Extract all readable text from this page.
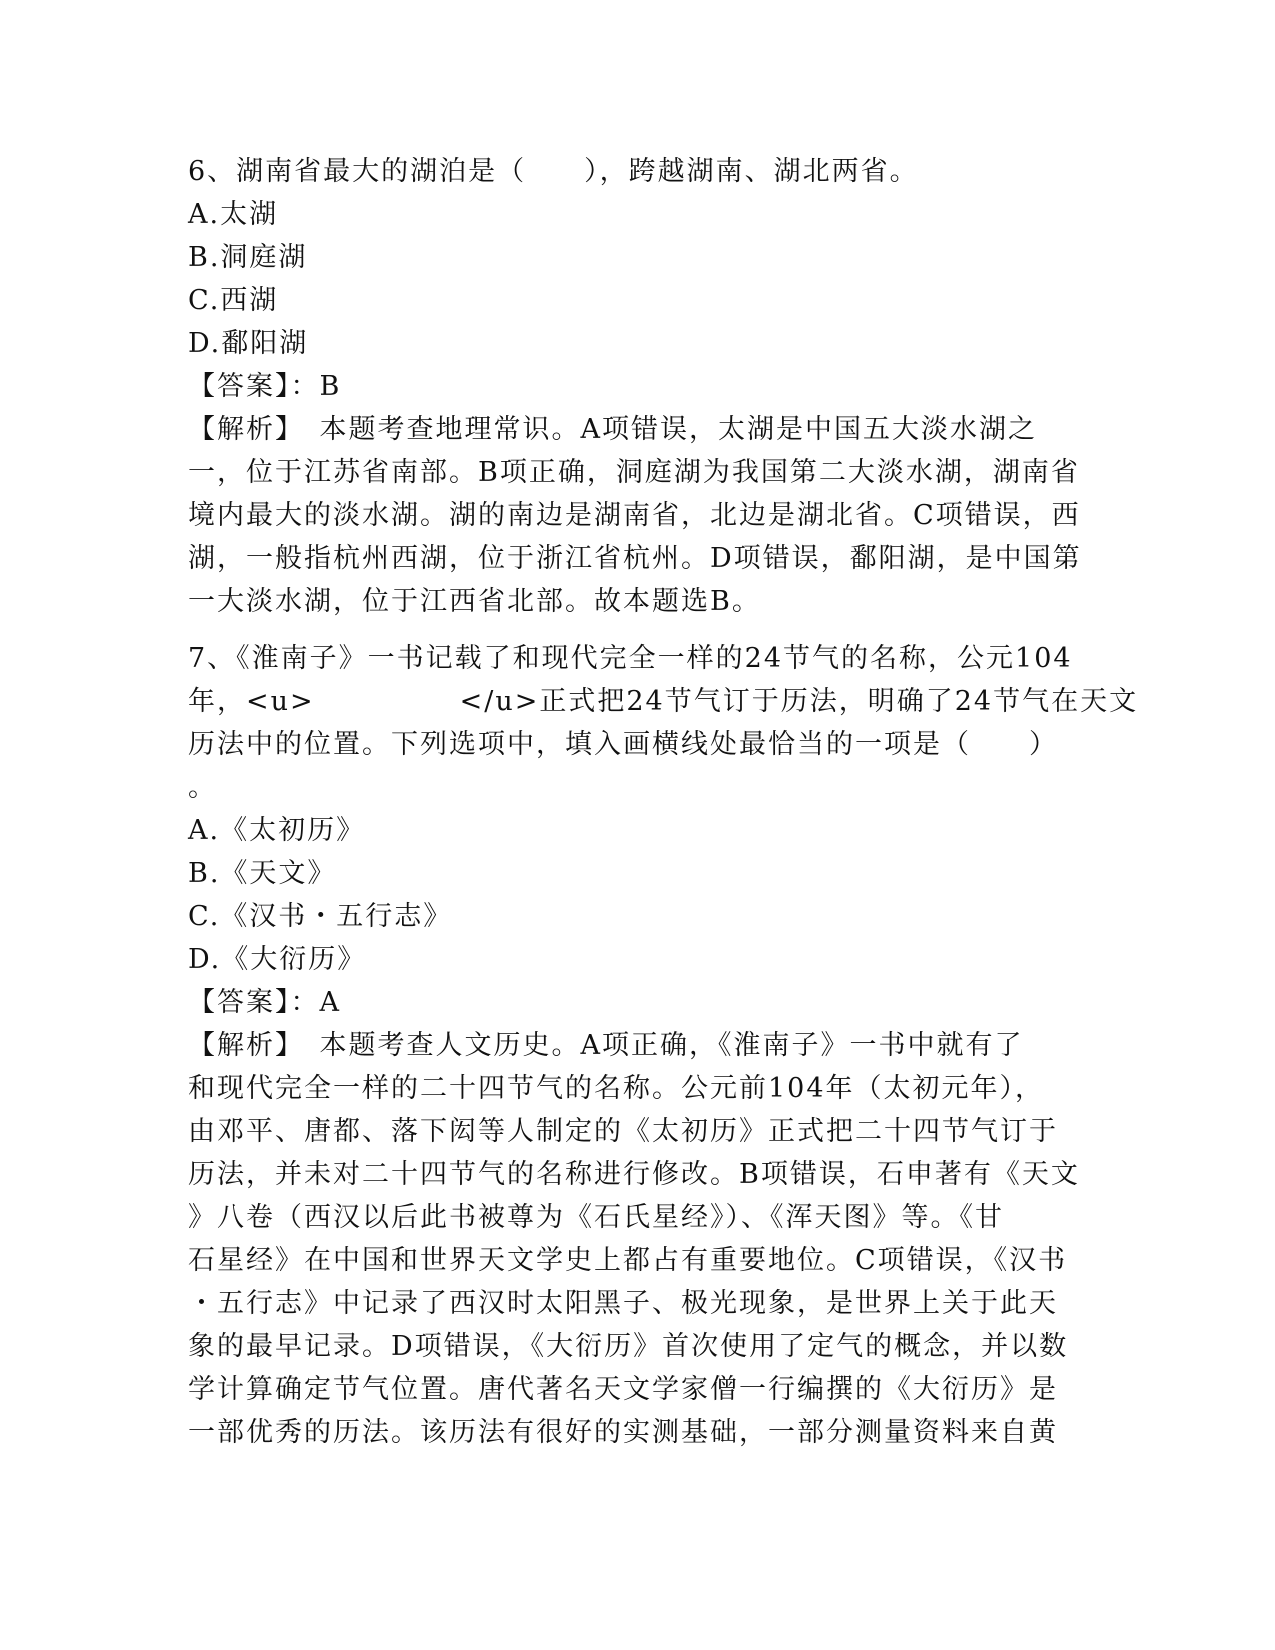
6、湖南省最大的湖泊是（　　），跨越湖南、湖北两省。
A.太湖
B.洞庭湖
C.西湖
D.鄱阳湖
【答案】：B
【解析】　本题考查地理常识。A项错误，太湖是中国五大淡水湖之
一，位于江苏省南部。B项正确，洞庭湖为我国第二大淡水湖，湖南省
境内最大的淡水湖。湖的南边是湖南省，北边是湖北省。C项错误，西
湖，一般指杭州西湖，位于浙江省杭州。D项错误，鄱阳湖，是中国第
一大淡水湖，位于江西省北部。故本题选B。
7、《淮南子》一书记载了和现代完全一样的24节气的名称，公元104
年，<u>　　　　　</u>正式把24节气订于历法，明确了24节气在天文
历法中的位置。下列选项中，填入画横线处最恰当的一项是（　　）
。
A.《太初历》
B.《天文》
C.《汉书・五行志》
D.《大衍历》
【答案】：A
【解析】　本题考查人文历史。A项正确，《淮南子》一书中就有了
和现代完全一样的二十四节气的名称。公元前104年（太初元年），
由邓平、唐都、落下闳等人制定的《太初历》正式把二十四节气订于
历法，并未对二十四节气的名称进行修改。B项错误，石申著有《天文
》八卷（西汉以后此书被尊为《石氏星经》）、《浑天图》等。《甘
石星经》在中国和世界天文学史上都占有重要地位。C项错误，《汉书
・五行志》中记录了西汉时太阳黑子、极光现象，是世界上关于此天
象的最早记录。D项错误，《大衍历》首次使用了定气的概念，并以数
学计算确定节气位置。唐代著名天文学家僧一行编撰的《大衍历》是
一部优秀的历法。该历法有很好的实测基础，一部分测量资料来自黄
